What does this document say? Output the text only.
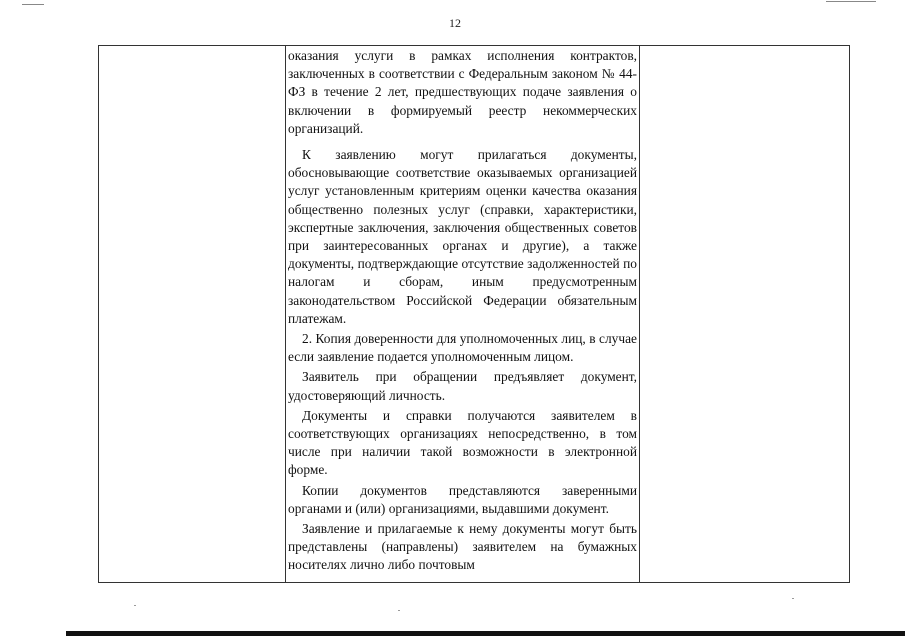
12

оказания услуги в рамках исполнения контрактов, заключенных в соответствии с Федеральным законом № 44-ФЗ в течение 2 лет, предшествующих подаче заявления о включении в формируемый реестр некоммерческих организаций.

К заявлению могут прилагаться документы, обосновывающие соответствие оказываемых организацией услуг установленным критериям оценки качества оказания общественно полезных услуг (справки, характеристики, экспертные заключения, заключения общественных советов при заинтересованных органах и другие), а также документы, подтверждающие отсутствие задолженностей по налогам и сборам, иным предусмотренным законодательством Российской Федерации обязательным платежам.

2. Копия доверенности для уполномоченных лиц, в случае если заявление подается уполномоченным лицом.

Заявитель при обращении предъявляет документ, удостоверяющий личность.

Документы и справки получаются заявителем в соответствующих организациях непосредственно, в том числе при наличии такой возможности в электронной форме.

Копии документов представляются заверенными органами и (или) организациями, выдавшими документ.

Заявление и прилагаемые к нему документы могут быть представлены (направлены) заявителем на бумажных носителях лично либо почтовым
